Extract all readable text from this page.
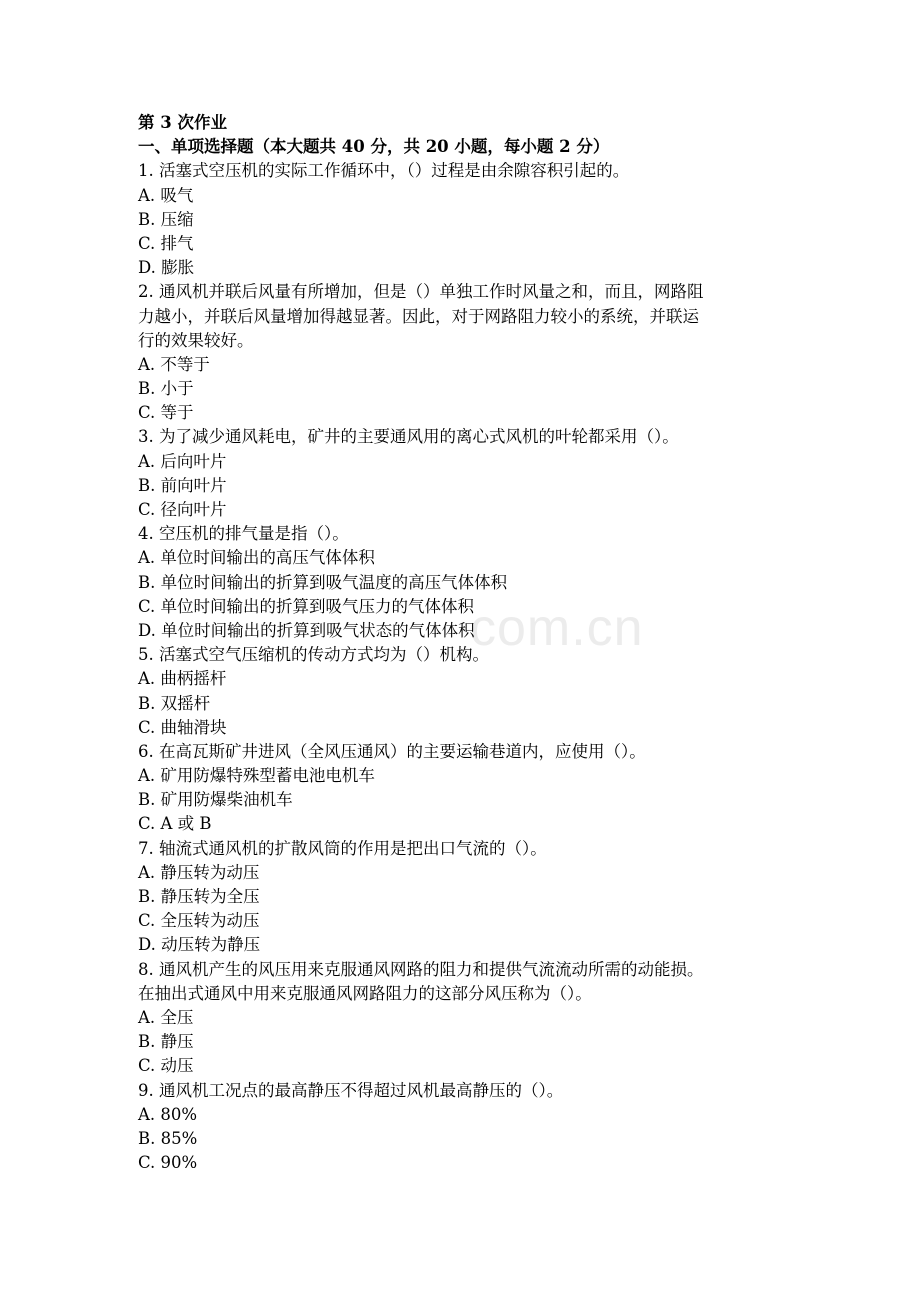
com.cn
第 3 次作业
一、单项选择题（本大题共 40 分，共 20 小题，每小题 2 分）
1. 活塞式空压机的实际工作循环中，（）过程是由余隙容积引起的。
A. 吸气
B. 压缩
C. 排气
D. 膨胀
2. 通风机并联后风量有所增加，但是（）单独工作时风量之和，而且，网路阻
力越小，并联后风量增加得越显著。因此，对于网路阻力较小的系统，并联运
行的效果较好。
A. 不等于
B. 小于
C. 等于
3. 为了减少通风耗电，矿井的主要通风用的离心式风机的叶轮都采用（）。
A. 后向叶片
B. 前向叶片
C. 径向叶片
4. 空压机的排气量是指（）。
A. 单位时间输出的高压气体体积
B. 单位时间输出的折算到吸气温度的高压气体体积
C. 单位时间输出的折算到吸气压力的气体体积
D. 单位时间输出的折算到吸气状态的气体体积
5. 活塞式空气压缩机的传动方式均为（）机构。
A. 曲柄摇杆
B. 双摇杆
C. 曲轴滑块
6. 在高瓦斯矿井进风（全风压通风）的主要运输巷道内，应使用（）。
A. 矿用防爆特殊型蓄电池电机车
B. 矿用防爆柴油机车
C. A 或 B
7. 轴流式通风机的扩散风筒的作用是把出口气流的（）。
A. 静压转为动压
B. 静压转为全压
C. 全压转为动压
D. 动压转为静压
8. 通风机产生的风压用来克服通风网路的阻力和提供气流流动所需的动能损。
在抽出式通风中用来克服通风网路阻力的这部分风压称为（）。
A. 全压
B. 静压
C. 动压
9. 通风机工况点的最高静压不得超过风机最高静压的（）。
A. 80%
B. 85%
C. 90%
